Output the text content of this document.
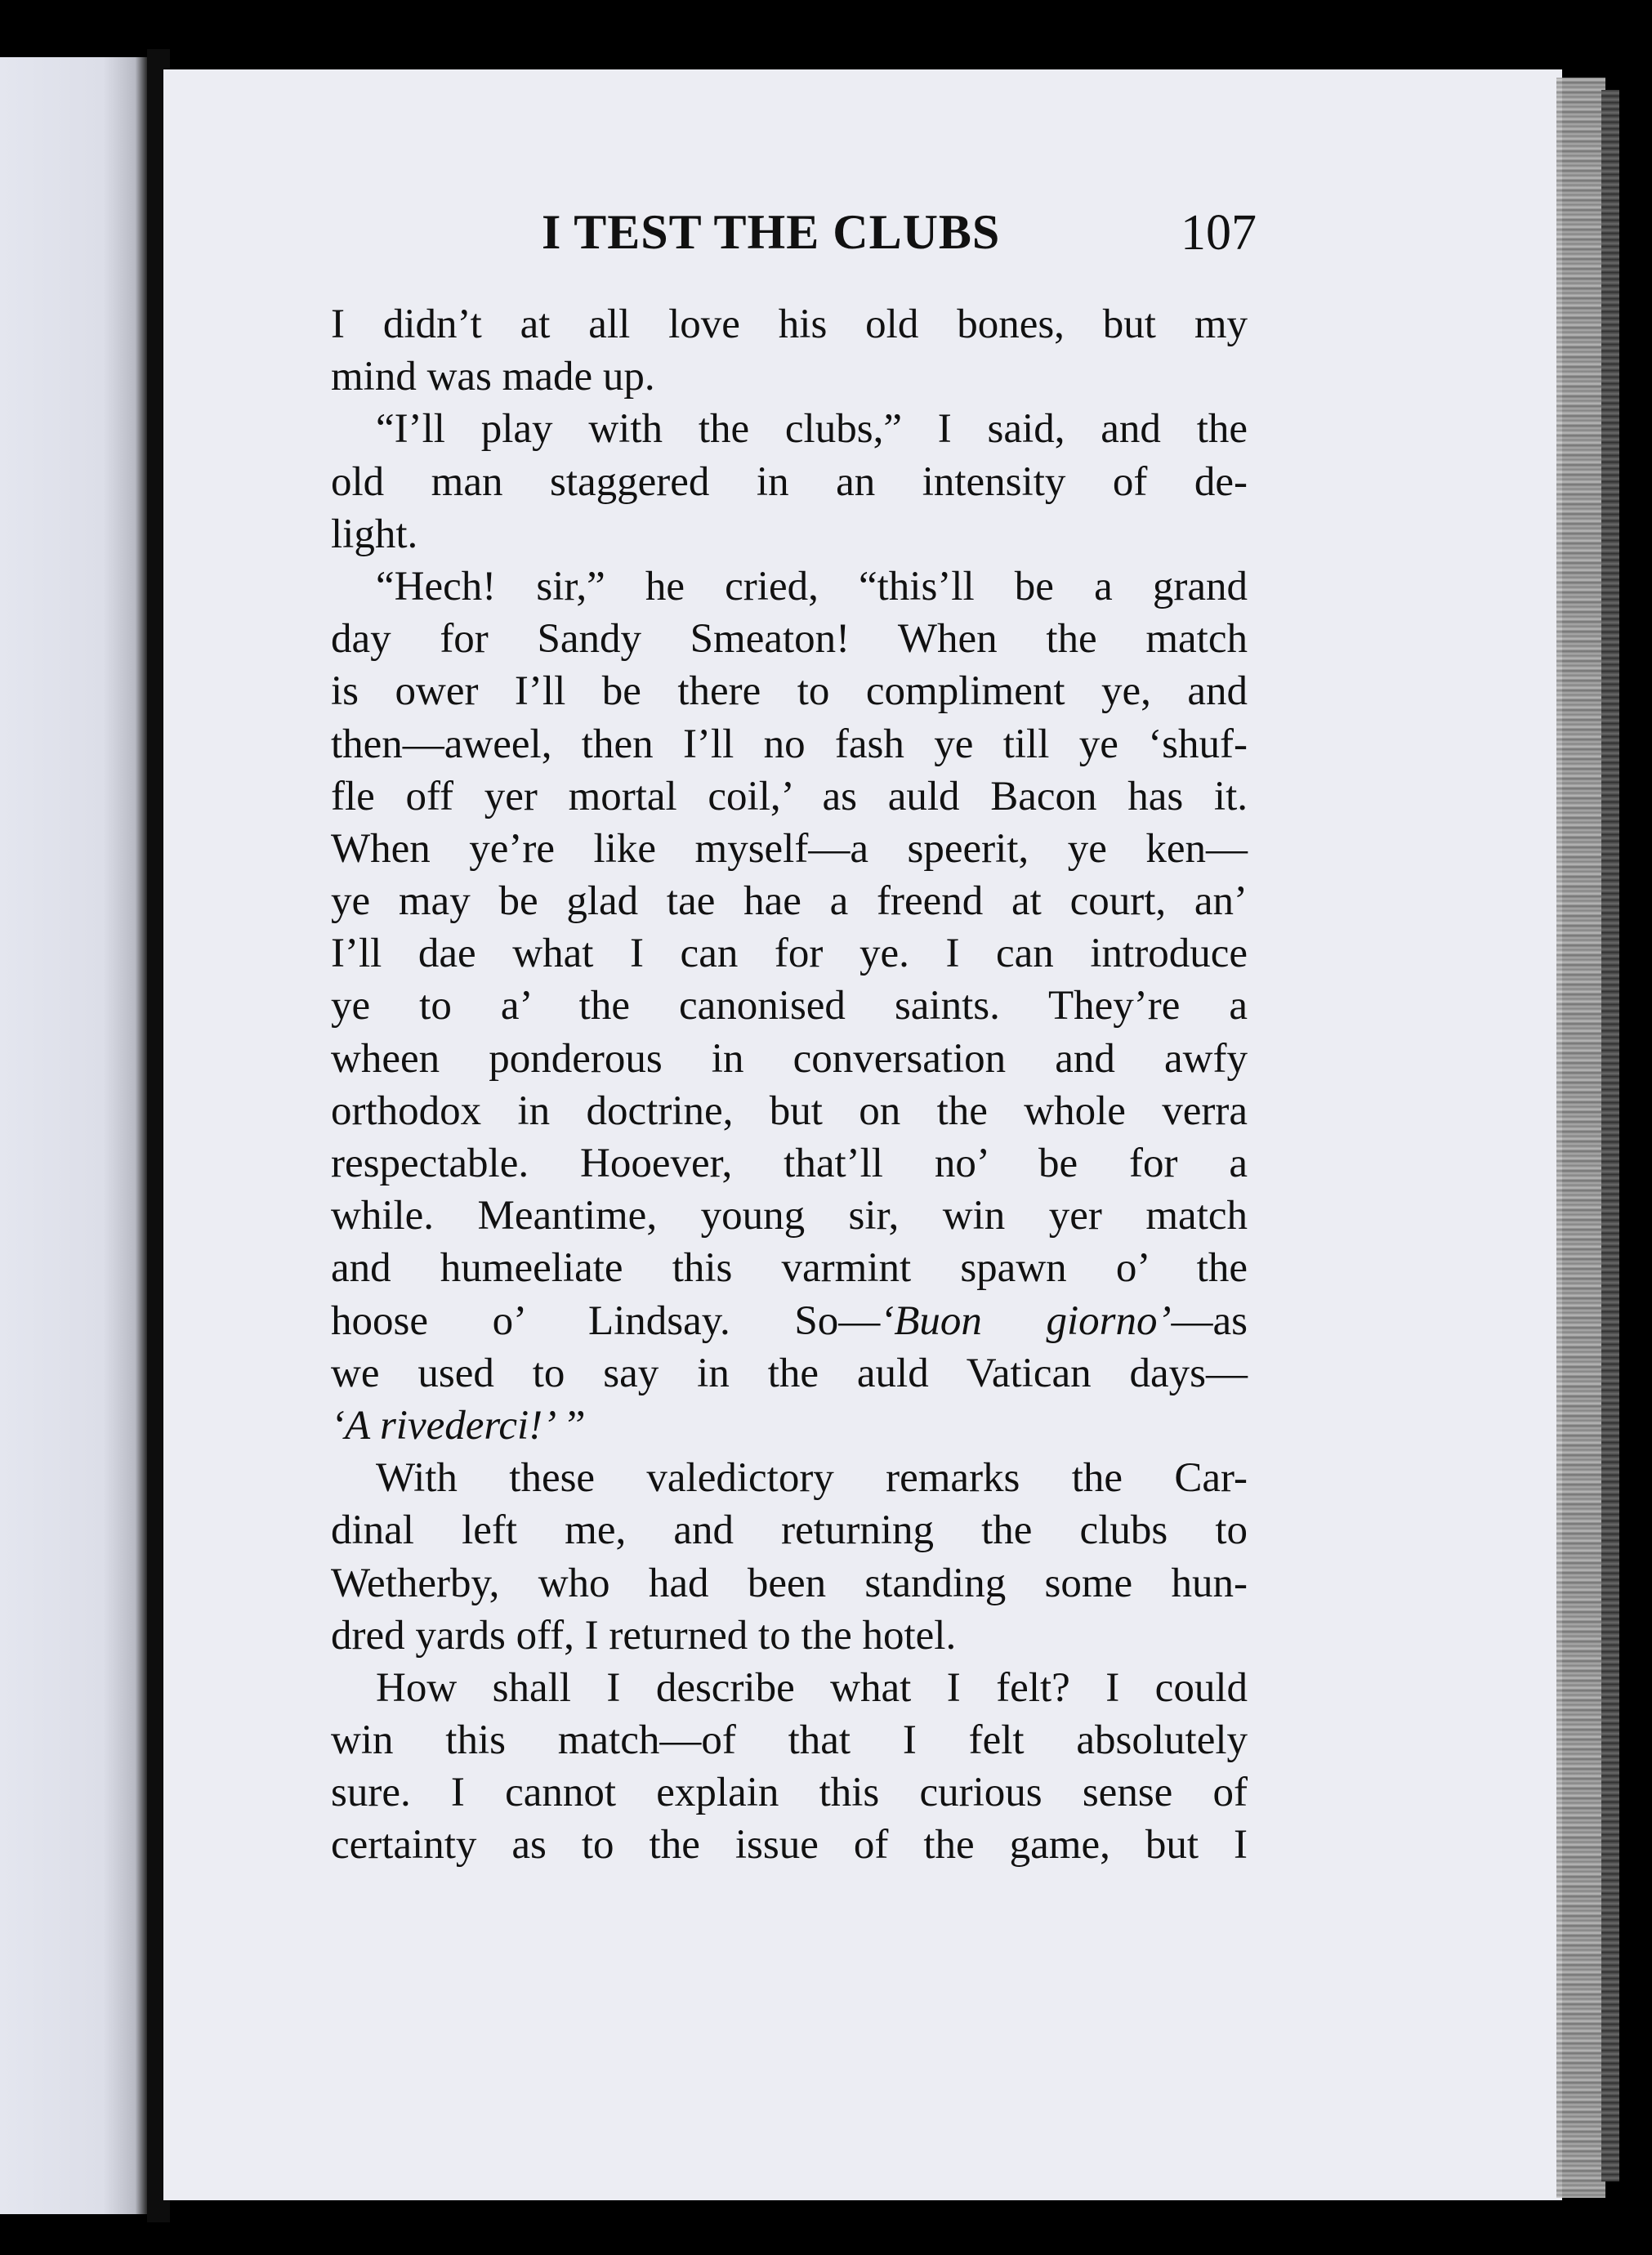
I TEST THE CLUBS	107
I didn’t at all love his old bones, but my
mind was made up.
“I’ll play with the clubs,” I said, and the
old man staggered in an intensity of de-
light.
“Hech! sir,” he cried, “this’ll be a grand
day for Sandy Smeaton! When the match
is ower I’ll be there to compliment ye, and
then—aweel, then I’ll no fash ye till ye ‘shuf-
fle off yer mortal coil,’ as auld Bacon has it.
When ye’re like myself—a speerit, ye ken—
ye may be glad tae hae a freend at court, an’
I’ll dae what I can for ye. I can introduce
ye to a’ the canonised saints. They’re a
wheen ponderous in conversation and awfy
orthodox in doctrine, but on the whole verra
respectable. Hooever, that’ll no’ be for a
while. Meantime, young sir, win yer match
and humeeliate this varmint spawn o’ the
hoose o’ Lindsay. So—‘Buon giorno’—as
we used to say in the auld Vatican days—
‘A rivederci!’ ”
With these valedictory remarks the Car-
dinal left me, and returning the clubs to
Wetherby, who had been standing some hun-
dred yards off, I returned to the hotel.
How shall I describe what I felt? I could
win this match—of that I felt absolutely
sure. I cannot explain this curious sense of
certainty as to the issue of the game, but I
